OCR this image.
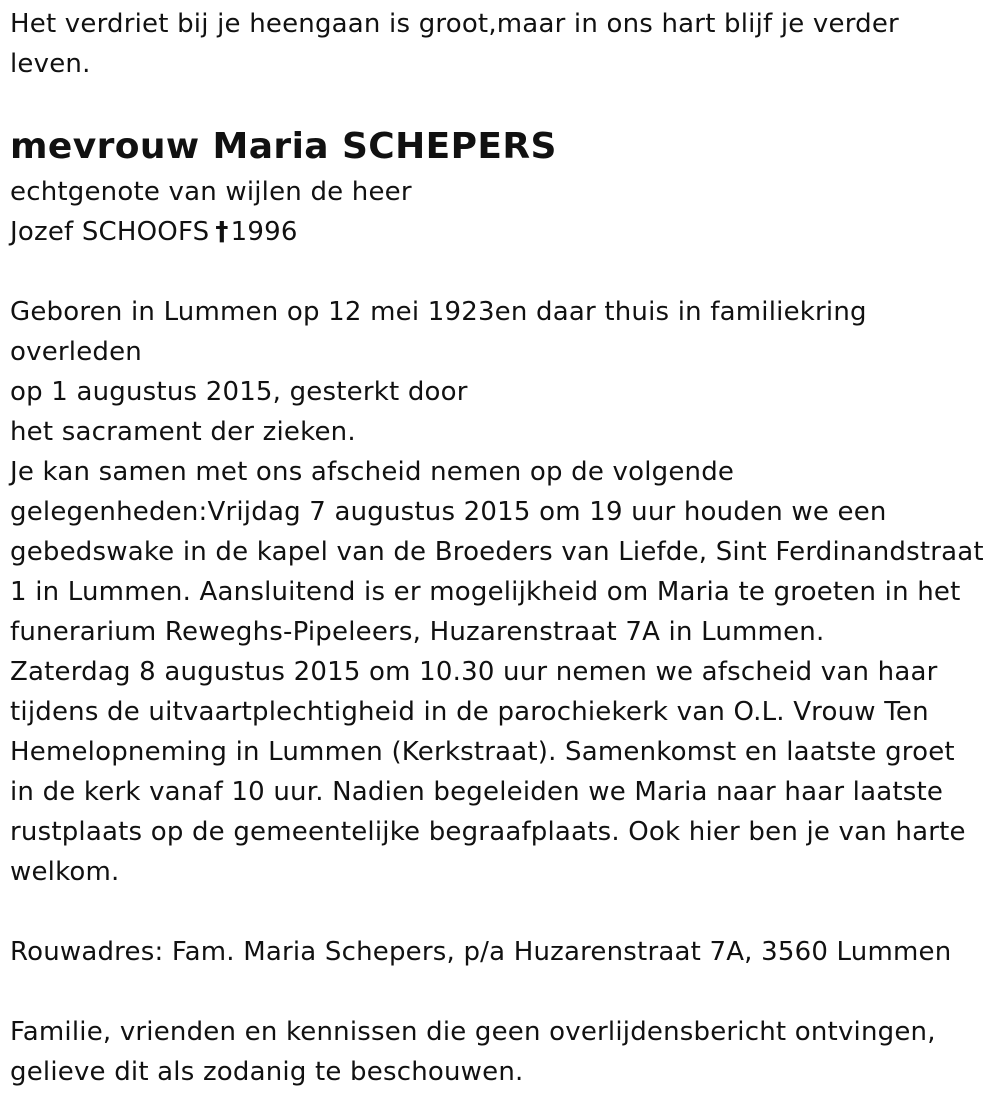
Het verdriet bij je heengaan is groot,maar in ons hart blijf je verder
leven.
mevrouw Maria SCHEPERS
echtgenote van wijlen de heer
Jozef SCHOOFS †1996
Geboren in Lummen op 12 mei 1923en daar thuis in familiekring
overleden
op 1 augustus 2015, gesterkt door
het sacrament der zieken.
Je kan samen met ons afscheid nemen op de volgende
gelegenheden:Vrijdag 7 augustus 2015 om 19 uur houden we een
gebedswake in de kapel van de Broeders van Liefde, Sint Ferdinandstraat
1 in Lummen. Aansluitend is er mogelijkheid om Maria te groeten in het
funerarium Reweghs-Pipeleers, Huzarenstraat 7A in Lummen.
Zaterdag 8 augustus 2015 om 10.30 uur nemen we afscheid van haar
tijdens de uitvaartplechtigheid in de parochiekerk van O.L. Vrouw Ten
Hemelopneming in Lummen (Kerkstraat). Samenkomst en laatste groet
in de kerk vanaf 10 uur. Nadien begeleiden we Maria naar haar laatste
rustplaats op de gemeentelijke begraafplaats. Ook hier ben je van harte
welkom.
Rouwadres: Fam. Maria Schepers, p/a Huzarenstraat 7A, 3560 Lummen
Familie, vrienden en kennissen die geen overlijdensbericht ontvingen,
gelieve dit als zodanig te beschouwen.
